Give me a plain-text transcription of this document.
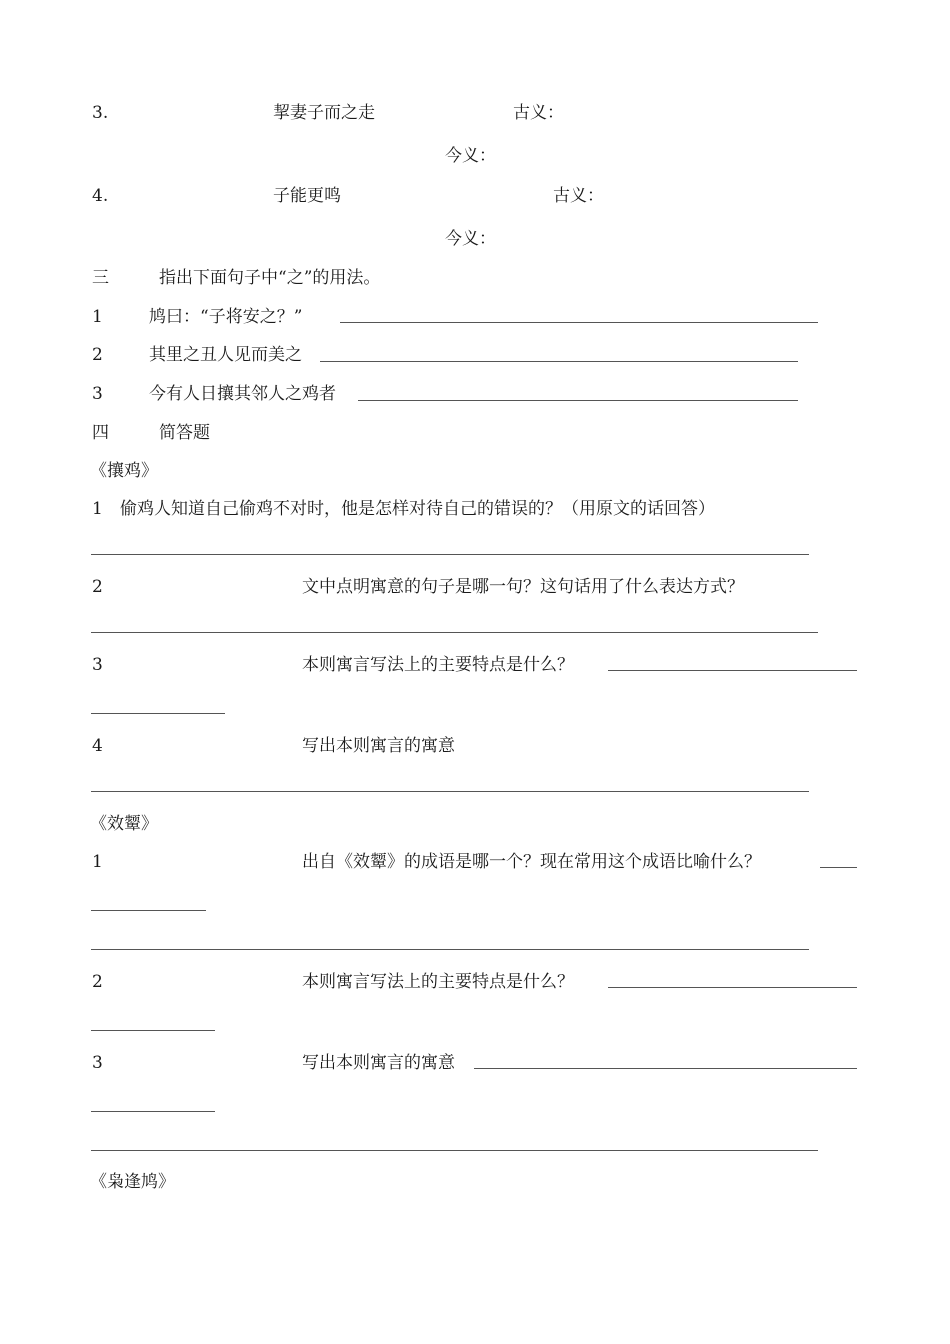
3.	挈妻子而之走	古义：
今义：
4.	子能更鸣	古义：
今义：
三	指出下面句子中“之”的用法。
1	鸠曰：“子将安之？”
2	其里之丑人见而美之
3	今有人日攘其邻人之鸡者
四	简答题
《攘鸡》
1 偷鸡人知道自己偷鸡不对时，他是怎样对待自己的错误的？（用原文的话回答）
2	文中点明寓意的句子是哪一句？这句话用了什么表达方式？
3	本则寓言写法上的主要特点是什么？
4	写出本则寓言的寓意
《效颦》
1	出自《效颦》的成语是哪一个？现在常用这个成语比喻什么？
2	本则寓言写法上的主要特点是什么？
3	写出本则寓言的寓意
《枭逢鸠》
